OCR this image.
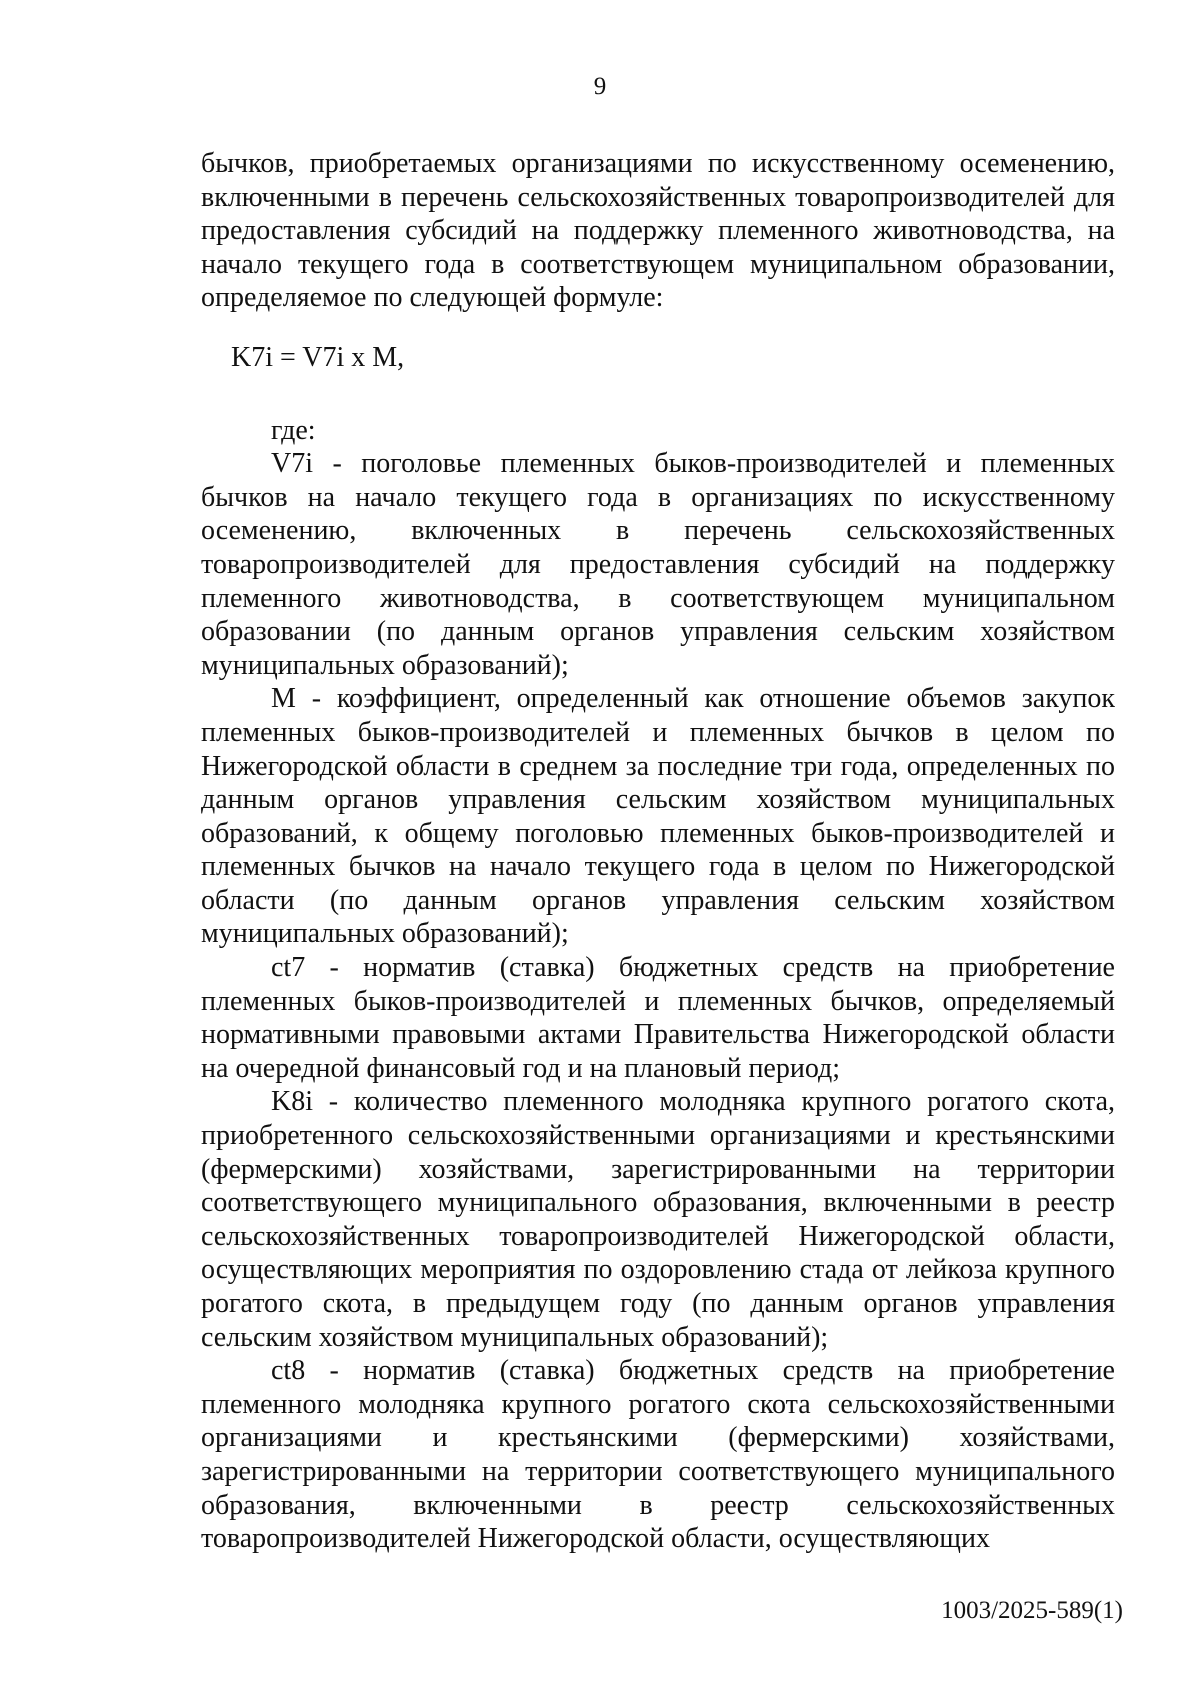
9

бычков, приобретаемых организациями по искусственному осеменению, включенными в перечень сельскохозяйственных товаропроизводителей для предоставления субсидий на поддержку племенного животноводства, на начало текущего года в соответствующем муниципальном образовании, определяемое по следующей формуле:

K7i = V7i x M,

где:

V7i - поголовье племенных быков-производителей и племенных бычков на начало текущего года в организациях по искусственному осеменению, включенных в перечень сельскохозяйственных товаропроизводителей для предоставления субсидий на поддержку племенного животноводства, в соответствующем муниципальном образовании (по данным органов управления сельским хозяйством муниципальных образований);

M - коэффициент, определенный как отношение объемов закупок племенных быков-производителей и племенных бычков в целом по Нижегородской области в среднем за последние три года, определенных по данным органов управления сельским хозяйством муниципальных образований, к общему поголовью племенных быков-производителей и племенных бычков на начало текущего года в целом по Нижегородской области (по данным органов управления сельским хозяйством муниципальных образований);

ct7 - норматив (ставка) бюджетных средств на приобретение племенных быков-производителей и племенных бычков, определяемый нормативными правовыми актами Правительства Нижегородской области на очередной финансовый год и на плановый период;

K8i - количество племенного молодняка крупного рогатого скота, приобретенного сельскохозяйственными организациями и крестьянскими (фермерскими) хозяйствами, зарегистрированными на территории соответствующего муниципального образования, включенными в реестр сельскохозяйственных товаропроизводителей Нижегородской области, осуществляющих мероприятия по оздоровлению стада от лейкоза крупного рогатого скота, в предыдущем году (по данным органов управления сельским хозяйством муниципальных образований);

ct8 - норматив (ставка) бюджетных средств на приобретение племенного молодняка крупного рогатого скота сельскохозяйственными организациями и крестьянскими (фермерскими) хозяйствами, зарегистрированными на территории соответствующего муниципального образования, включенными в реестр сельскохозяйственных товаропроизводителей Нижегородской области, осуществляющих

1003/2025-589(1)
